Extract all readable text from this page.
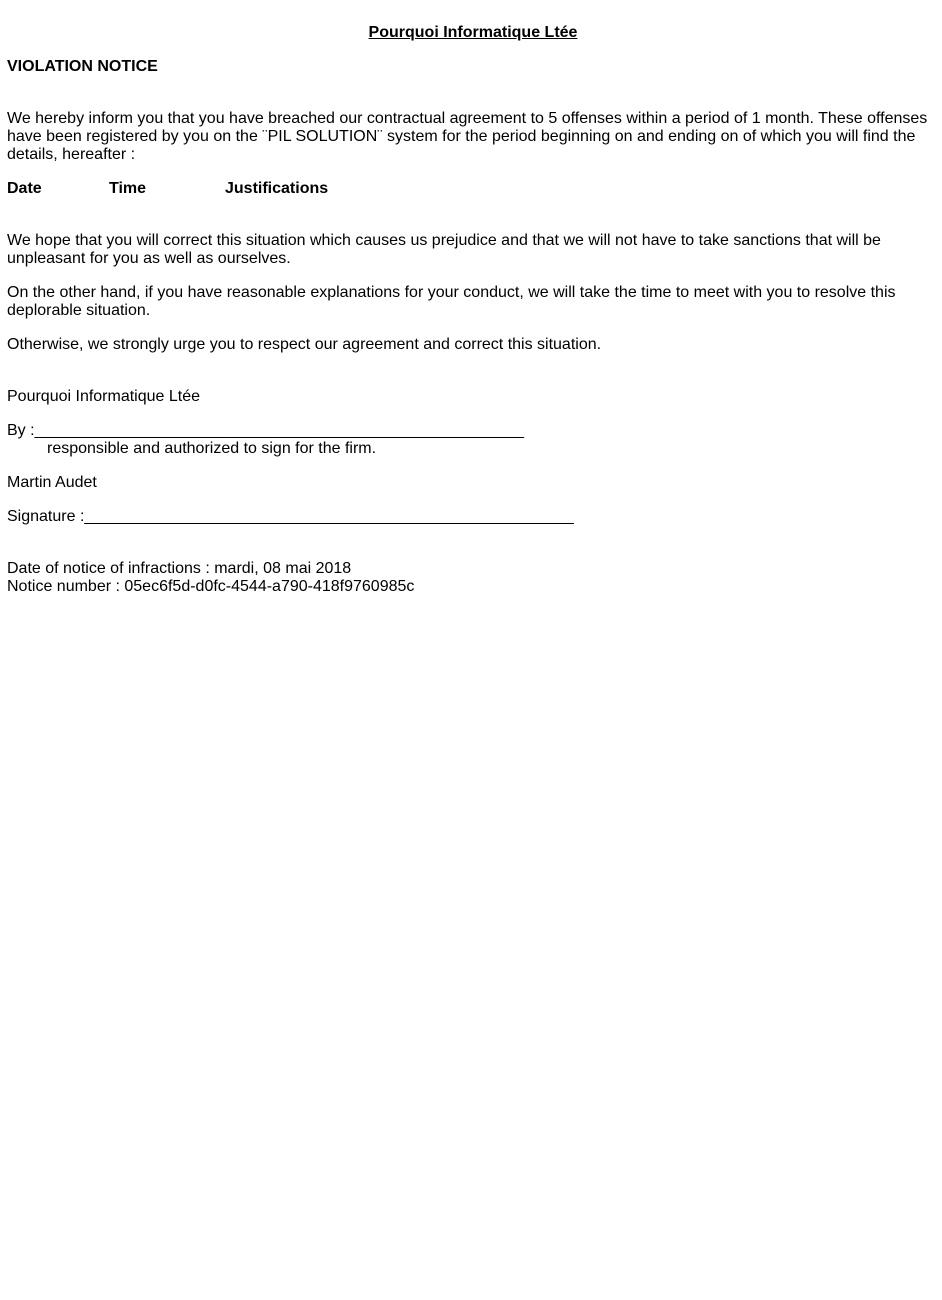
Pourquoi Informatique Ltée

VIOLATION NOTICE

We hereby inform you that you have breached our contractual agreement to 5 offenses within a period of 1 month. These offenses have been registered by you on the ¨PIL SOLUTION¨ system for the period beginning on and ending on of which you will find the details, hereafter :

Date	Time	Justifications

We hope that you will correct this situation which causes us prejudice and that we will not have to take sanctions that will be unpleasant for you as well as ourselves.

On the other hand, if you have reasonable explanations for your conduct, we will take the time to meet with you to resolve this deplorable situation.

Otherwise, we strongly urge you to respect our agreement and correct this situation.

Pourquoi Informatique Ltée

By :_______________________________________________________

responsible and authorized to sign for the firm.

Martin Audet

Signature :_______________________________________________________

Date of notice of infractions : mardi, 08 mai 2018

Notice number : 05ec6f5d-d0fc-4544-a790-418f9760985c
